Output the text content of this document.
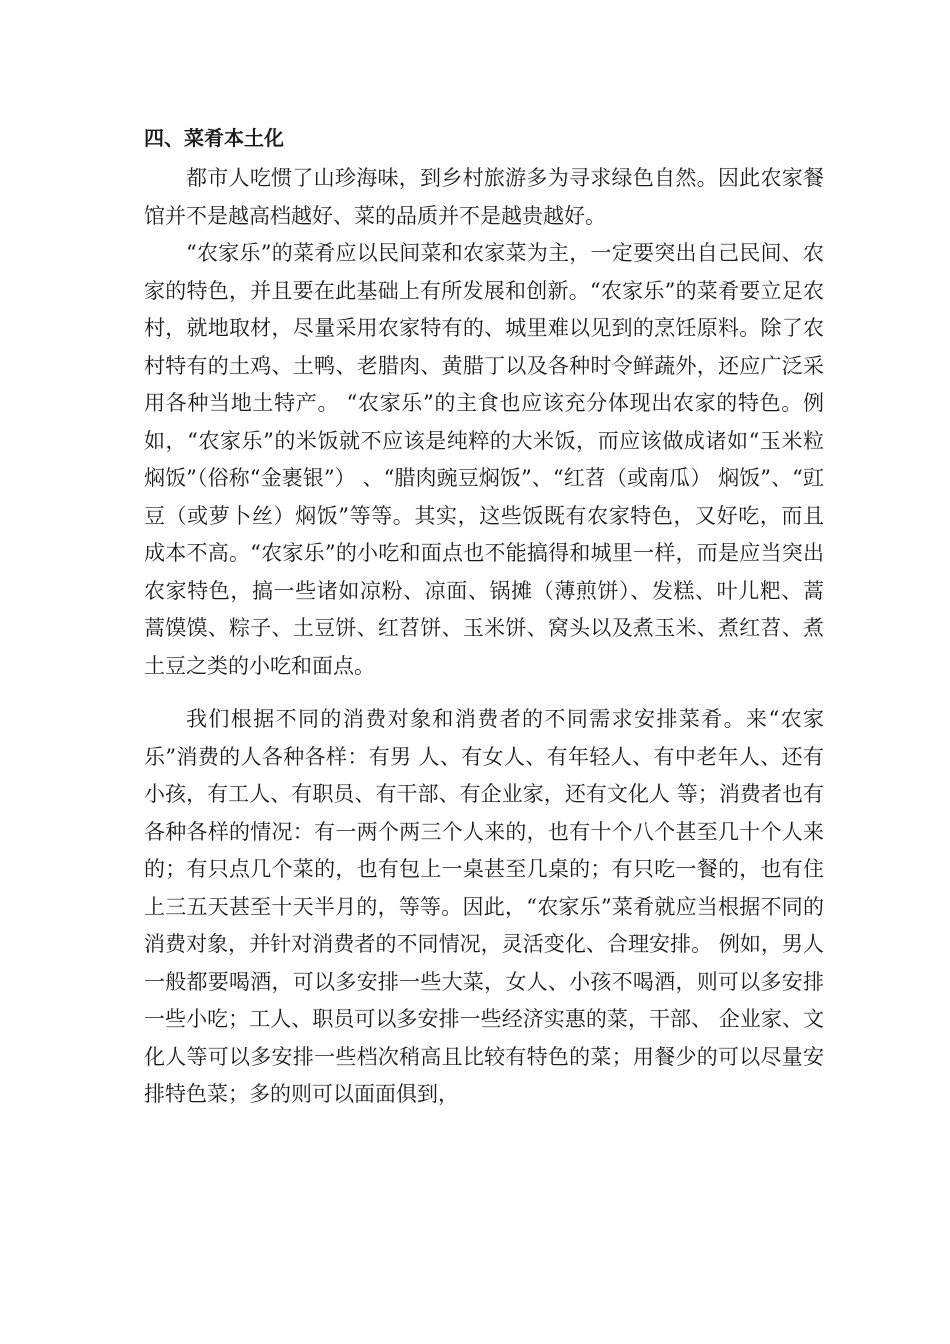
四、菜肴本土化

都市人吃惯了山珍海味，到乡村旅游多为寻求绿色自然。因此农家餐馆并不是越高档越好、菜的品质并不是越贵越好。

“农家乐”的菜肴应以民间菜和农家菜为主，一定要突出自己民间、农家的特色，并且要在此基础上有所发展和创新。“农家乐”的菜肴要立足农村，就地取材，尽量采用农家特有的、城里难以见到的烹饪原料。除了农村特有的土鸡、土鸭、老腊肉、黄腊丁以及各种时令鲜蔬外，还应广泛采用各种当地土特产。 “农家乐”的主食也应该充分体现出农家的特色。例如，“农家乐”的米饭就不应该是纯粹的大米饭，而应该做成诸如“玉米粒焖饭”（俗称“金裹银”） 、“腊肉豌豆焖饭”、“红苕（或南瓜） 焖饭”、“豇豆（或萝卜丝）焖饭”等等。其实，这些饭既有农家特色，又好吃，而且成本不高。“农家乐”的小吃和面点也不能搞得和城里一样，而是应当突出农家特色，搞一些诸如凉粉、凉面、锅摊（薄煎饼）、发糕、叶儿粑、蒿蒿馍馍、粽子、土豆饼、红苕饼、玉米饼、窝头以及煮玉米、煮红苕、煮土豆之类的小吃和面点。

我们根据不同的消费对象和消费者的不同需求安排菜肴。来“农家乐”消费的人各种各样：有男 人、有女人、有年轻人、有中老年人、还有小孩，有工人、有职员、有干部、有企业家，还有文化人 等；消费者也有各种各样的情况：有一两个两三个人来的，也有十个八个甚至几十个人来的；有只点几个菜的，也有包上一桌甚至几桌的；有只吃一餐的，也有住上三五天甚至十天半月的，等等。因此，“农家乐”菜肴就应当根据不同的消费对象，并针对消费者的不同情况，灵活变化、合理安排。 例如，男人一般都要喝酒，可以多安排一些大菜，女人、小孩不喝酒，则可以多安排一些小吃；工人、职员可以多安排一些经济实惠的菜，干部、 企业家、文化人等可以多安排一些档次稍高且比较有特色的菜；用餐少的可以尽量安排特色菜；多的则可以面面俱到，
